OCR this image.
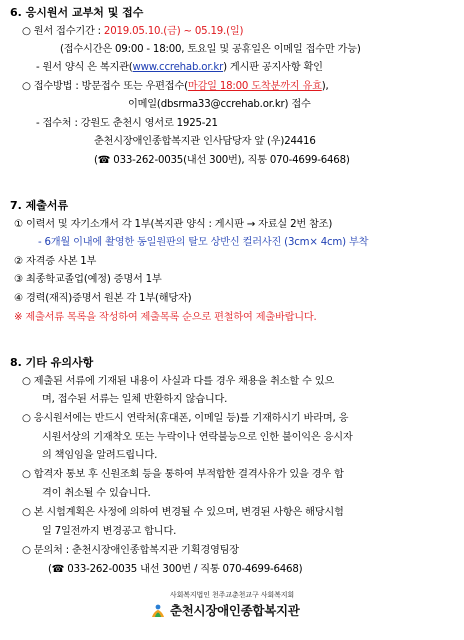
6. 응시원서 교부처 및 접수
○ 원서 접수기간 : 2019.05.10.(금) ~ 05.19.(일)
(접수시간은 09:00 - 18:00, 토요일 및 공휴일은 이메일 접수만 가능)
- 원서 양식 은 복지관(www.ccrehab.or.kr) 게시판 공지사항 확인
○ 접수방법 : 방문접수 또는 우편접수(마감일 18:00 도착분까지 유효),
이메일(dbsrma33@ccrehab.or.kr) 접수
- 접수처 : 강원도 춘천시 영서로 1925-21
춘천시장애인종합복지관 인사담당자 앞 (우)24416
(☎ 033-262-0035(내선 300번), 직통 070-4699-6468)
7. 제출서류
① 이력서 및 자기소개서 각 1부(복지관 양식 : 게시판 → 자료실 2번 참조)
- 6개월 이내에 촬영한 동일원판의 탈모 상반신 컬러사진 (3cm× 4cm) 부착
② 자격증 사본 1부
③ 최종학교졸업(예정) 증명서 1부
④ 경력(재직)증명서 원본 각 1부(해당자)
※ 제출서류 목록을 작성하여 제출목록 순으로 편철하여 제출바랍니다.
8. 기타 유의사항
○ 제출된 서류에 기재된 내용이 사실과 다를 경우 채용을 취소할 수 있으
며, 접수된 서류는 일체 반환하지 않습니다.
○ 응시원서에는 반드시 연락처(휴대폰, 이메일 등)를 기재하시기 바라며, 응
시원서상의 기재착오 또는 누락이나 연락불능으로 인한 불이익은 응시자
의 책임임을 알려드립니다.
○ 합격자 통보 후 신원조회 등을 통하여 부적합한 결격사유가 있을 경우 합
격이 취소될 수 있습니다.
○ 본 시험계획은 사정에 의하여 변경될 수 있으며, 변경된 사항은 해당시험
일 7일전까지 변경공고 합니다.
○ 문의처 : 춘천시장애인종합복지관 기획경영팀장
(☎ 033-262-0035 내선 300번 / 직통 070-4699-6468)
사회복지법인 천주교춘천교구 사회복지회
춘천시장애인종합복지관
